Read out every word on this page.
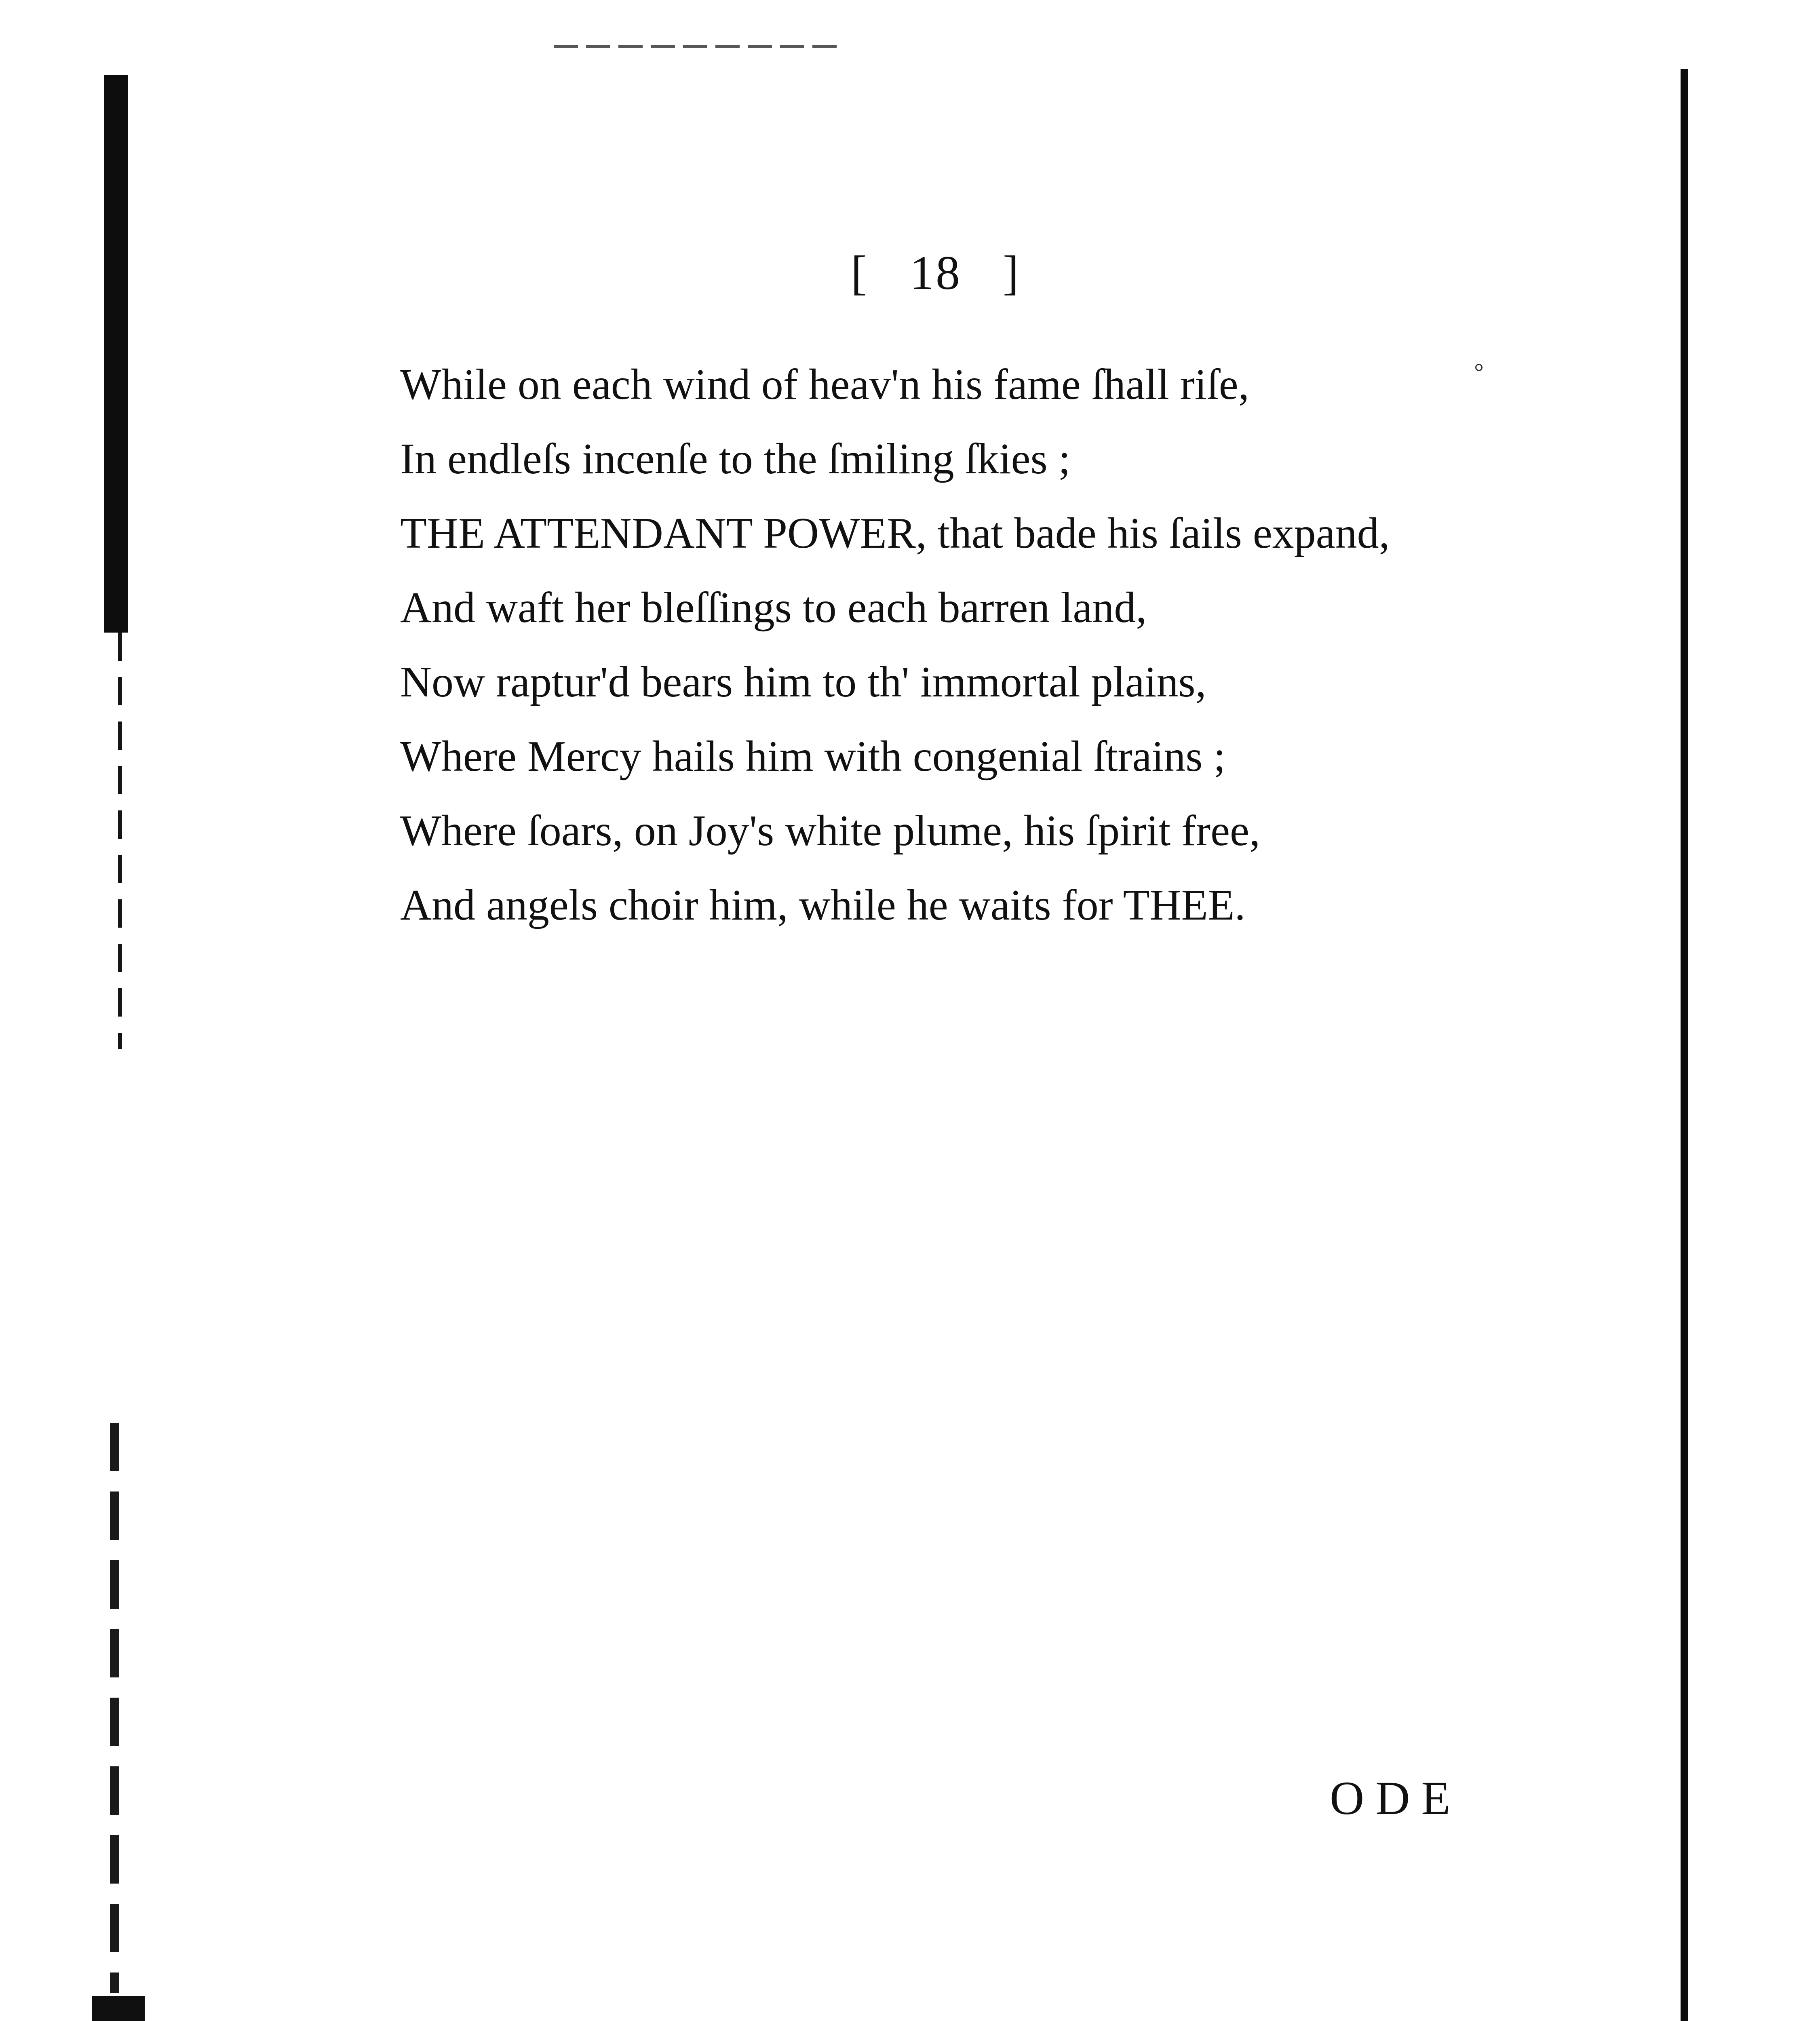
[   18   ]
While on each wind of heav'n his fame ſhall riſe,
In endleſs incenſe to the ſmiling ſkies ;
THE ATTENDANT POWER, that bade his ſails expand,
And waft her bleſſings to each barren land,
Now raptur'd bears him to th' immortal plains,
Where Mercy hails him with congenial ſtrains ;
Where ſoars, on Joy's white plume, his ſpirit free,
And angels choir him, while he waits for THEE.
ODE
